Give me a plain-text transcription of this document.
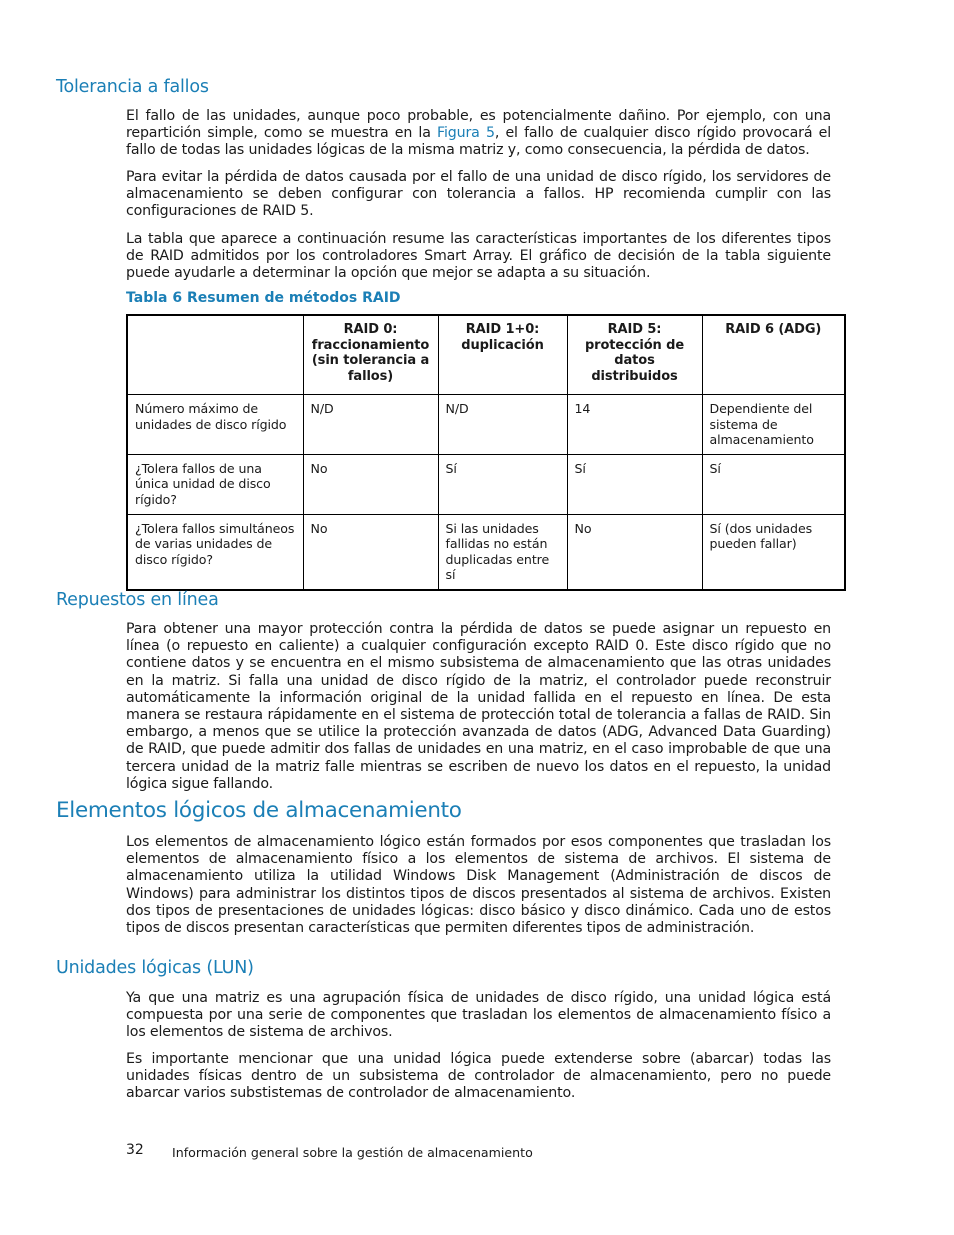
Tolerancia a fallos

El fallo de las unidades, aunque poco probable, es potencialmente dañino. Por ejemplo, con una repartición simple, como se muestra en la Figura 5, el fallo de cualquier disco rígido provocará el fallo de todas las unidades lógicas de la misma matriz y, como consecuencia, la pérdida de datos.

Para evitar la pérdida de datos causada por el fallo de una unidad de disco rígido, los servidores de almacenamiento se deben configurar con tolerancia a fallos. HP recomienda cumplir con las configuraciones de RAID 5.

La tabla que aparece a continuación resume las características importantes de los diferentes tipos de RAID admitidos por los controladores Smart Array. El gráfico de decisión de la tabla siguiente puede ayudarle a determinar la opción que mejor se adapta a su situación.

Tabla 6 Resumen de métodos RAID

	RAID 0: fraccionamiento (sin tolerancia a fallos)	RAID 1+0: duplicación	RAID 5: protección de datos distribuidos	RAID 6 (ADG)
Número máximo de unidades de disco rígido	N/D	N/D	14	Dependiente del sistema de almacenamiento
¿Tolera fallos de una única unidad de disco rígido?	No	Sí	Sí	Sí
¿Tolera fallos simultáneos de varias unidades de disco rígido?	No	Si las unidades fallidas no están duplicadas entre sí	No	Sí (dos unidades pueden fallar)
Repuestos en línea

Para obtener una mayor protección contra la pérdida de datos se puede asignar un repuesto en línea (o repuesto en caliente) a cualquier configuración excepto RAID 0. Este disco rígido que no contiene datos y se encuentra en el mismo subsistema de almacenamiento que las otras unidades en la matriz. Si falla una unidad de disco rígido de la matriz, el controlador puede reconstruir automáticamente la información original de la unidad fallida en el repuesto en línea. De esta manera se restaura rápidamente en el sistema de protección total de tolerancia a fallas de RAID. Sin embargo, a menos que se utilice la protección avanzada de datos (ADG, Advanced Data Guarding) de RAID, que puede admitir dos fallas de unidades en una matriz, en el caso improbable de que una tercera unidad de la matriz falle mientras se escriben de nuevo los datos en el repuesto, la unidad lógica sigue fallando.

Elementos lógicos de almacenamiento

Los elementos de almacenamiento lógico están formados por esos componentes que trasladan los elementos de almacenamiento físico a los elementos de sistema de archivos. El sistema de almacenamiento utiliza la utilidad Windows Disk Management (Administración de discos de Windows) para administrar los distintos tipos de discos presentados al sistema de archivos. Existen dos tipos de presentaciones de unidades lógicas: disco básico y disco dinámico. Cada uno de estos tipos de discos presentan características que permiten diferentes tipos de administración.

Unidades lógicas (LUN)

Ya que una matriz es una agrupación física de unidades de disco rígido, una unidad lógica está compuesta por una serie de componentes que trasladan los elementos de almacenamiento físico a los elementos de sistema de archivos.

Es importante mencionar que una unidad lógica puede extenderse sobre (abarcar) todas las unidades físicas dentro de un subsistema de controlador de almacenamiento, pero no puede abarcar varios substistemas de controlador de almacenamiento.

32 Información general sobre la gestión de almacenamiento
